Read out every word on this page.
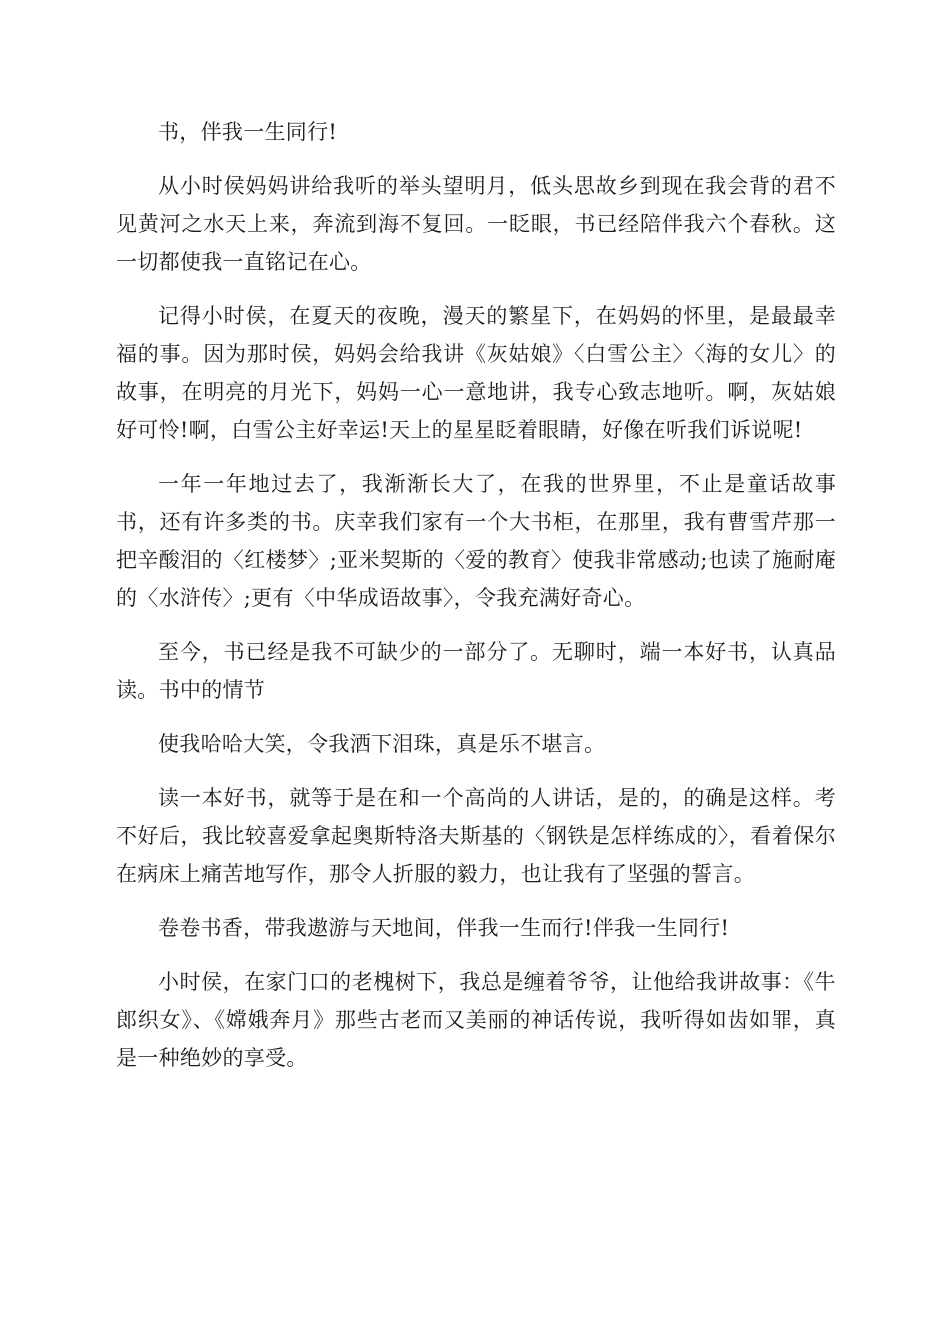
书，伴我一生同行!

从小时侯妈妈讲给我听的举头望明月，低头思故乡到现在我会背的君不见黄河之水天上来，奔流到海不复回。一眨眼，书已经陪伴我六个春秋。这一切都使我一直铭记在心。

记得小时侯，在夏天的夜晚，漫天的繁星下，在妈妈的怀里，是最最幸福的事。因为那时侯，妈妈会给我讲《灰姑娘》〈白雪公主〉〈海的女儿〉的故事，在明亮的月光下，妈妈一心一意地讲，我专心致志地听。啊，灰姑娘好可怜!啊，白雪公主好幸运!天上的星星眨着眼睛，好像在听我们诉说呢!

一年一年地过去了，我渐渐长大了，在我的世界里，不止是童话故事书，还有许多类的书。庆幸我们家有一个大书柜，在那里，我有曹雪芹那一把辛酸泪的〈红楼梦〉;亚米契斯的〈爱的教育〉使我非常感动;也读了施耐庵的〈水浒传〉;更有〈中华成语故事〉，令我充满好奇心。

至今，书已经是我不可缺少的一部分了。无聊时，端一本好书，认真品读。书中的情节

使我哈哈大笑，令我洒下泪珠，真是乐不堪言。

读一本好书，就等于是在和一个高尚的人讲话，是的，的确是这样。考不好后，我比较喜爱拿起奥斯特洛夫斯基的〈钢铁是怎样练成的〉，看着保尔在病床上痛苦地写作，那令人折服的毅力，也让我有了坚强的誓言。

卷卷书香，带我遨游与天地间，伴我一生而行!伴我一生同行!

小时侯，在家门口的老槐树下，我总是缠着爷爷，让他给我讲故事：《牛郎织女》、《嫦娥奔月》那些古老而又美丽的神话传说，我听得如齿如罪，真是一种绝妙的享受。
